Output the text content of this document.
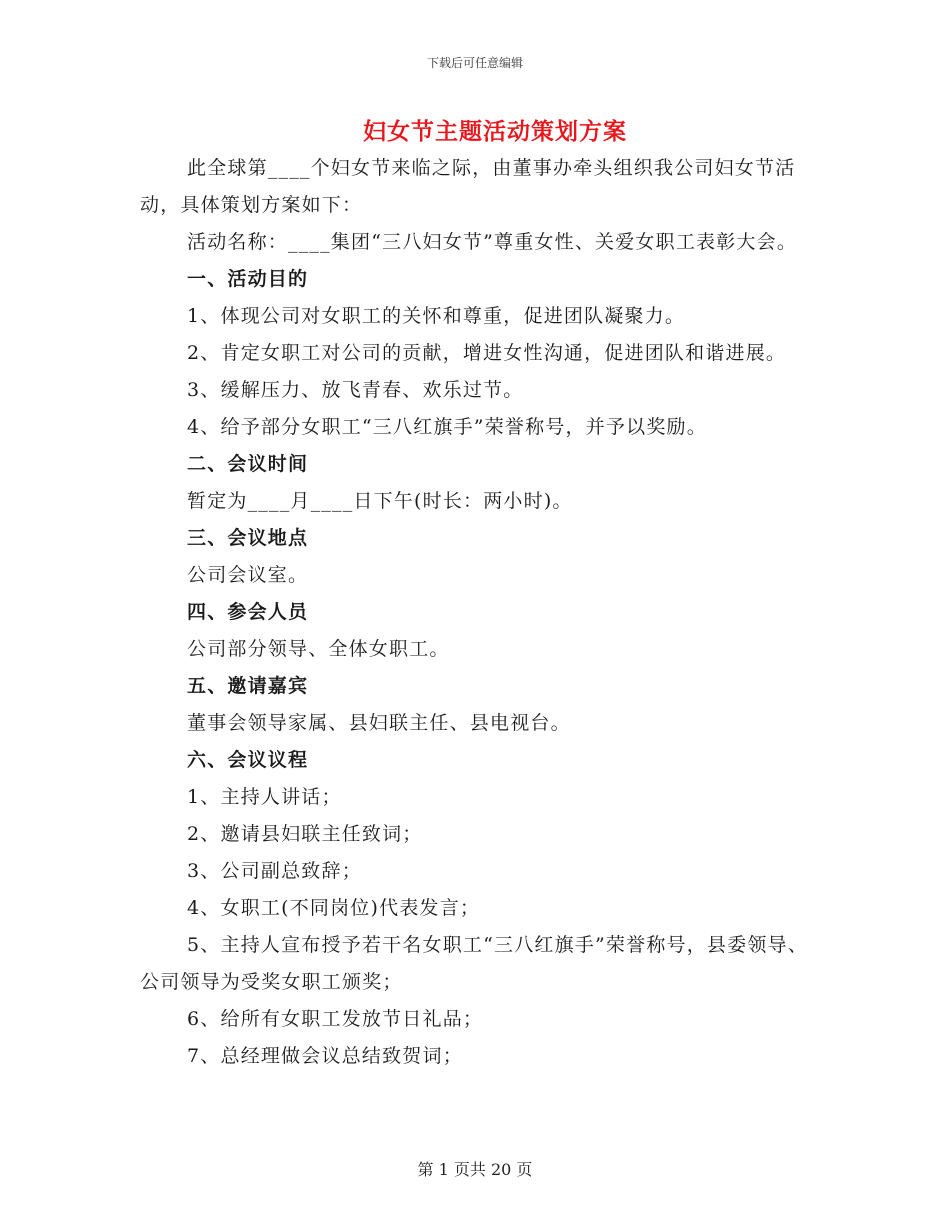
下载后可任意编辑
妇女节主题活动策划方案

此全球第____个妇女节来临之际，由董事办牵头组织我公司妇女节活动，具体策划方案如下：

活动名称：____集团“三八妇女节”尊重女性、关爱女职工表彰大会。

一、活动目的

1、体现公司对女职工的关怀和尊重，促进团队凝聚力。

2、肯定女职工对公司的贡献，增进女性沟通，促进团队和谐进展。

3、缓解压力、放飞青春、欢乐过节。

4、给予部分女职工“三八红旗手”荣誉称号，并予以奖励。

二、会议时间

暂定为____月____日下午(时长：两小时)。

三、会议地点

公司会议室。

四、参会人员

公司部分领导、全体女职工。

五、邀请嘉宾

董事会领导家属、县妇联主任、县电视台。

六、会议议程

1、主持人讲话；

2、邀请县妇联主任致词；

3、公司副总致辞；

4、女职工(不同岗位)代表发言；

5、主持人宣布授予若干名女职工“三八红旗手”荣誉称号，县委领导、公司领导为受奖女职工颁奖；

6、给所有女职工发放节日礼品；

7、总经理做会议总结致贺词；

第 1 页共 20 页
